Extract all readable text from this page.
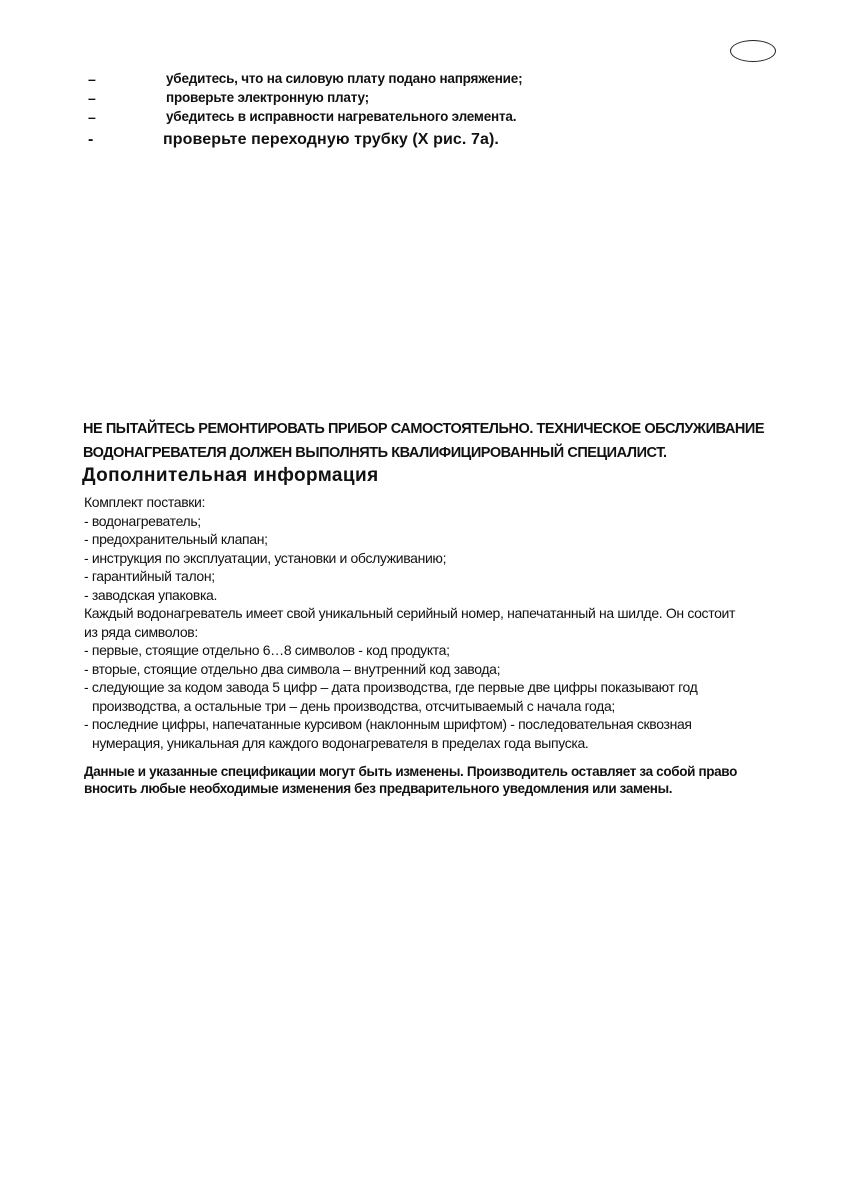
–	убедитесь, что на силовую плату подано напряжение;
–	проверьте электронную плату;
–	убедитесь в исправности нагревательного элемента.
-	проверьте переходную трубку (X рис. 7а).
НЕ ПЫТАЙТЕСЬ РЕМОНТИРОВАТЬ ПРИБОР САМОСТОЯТЕЛЬНО. ТЕХНИЧЕСКОЕ ОБСЛУЖИВАНИЕ
ВОДОНАГРЕВАТЕЛЯ ДОЛЖЕН ВЫПОЛНЯТЬ КВАЛИФИЦИРОВАННЫЙ СПЕЦИАЛИСТ.
Дополнительная информация
Комплект поставки:
- водонагреватель;
- предохранительный клапан;
- инструкция по эксплуатации, установки и обслуживанию;
- гарантийный талон;
- заводская упаковка.
Каждый водонагреватель имеет свой уникальный серийный номер, напечатанный на шилде. Он состоит
из ряда символов:
- первые, стоящие отдельно 6…8 символов - код продукта;
- вторые, стоящие отдельно два символа – внутренний код завода;
- следующие за кодом завода 5 цифр – дата производства, где первые две цифры показывают год
производства, а остальные три – день производства, отсчитываемый с начала года;
- последние цифры, напечатанные курсивом (наклонным шрифтом) - последовательная сквозная
нумерация, уникальная для каждого водонагревателя в пределах года выпуска.
Данные и указанные спецификации могут быть изменены. Производитель оставляет за собой право
вносить любые необходимые изменения без предварительного уведомления или замены.
